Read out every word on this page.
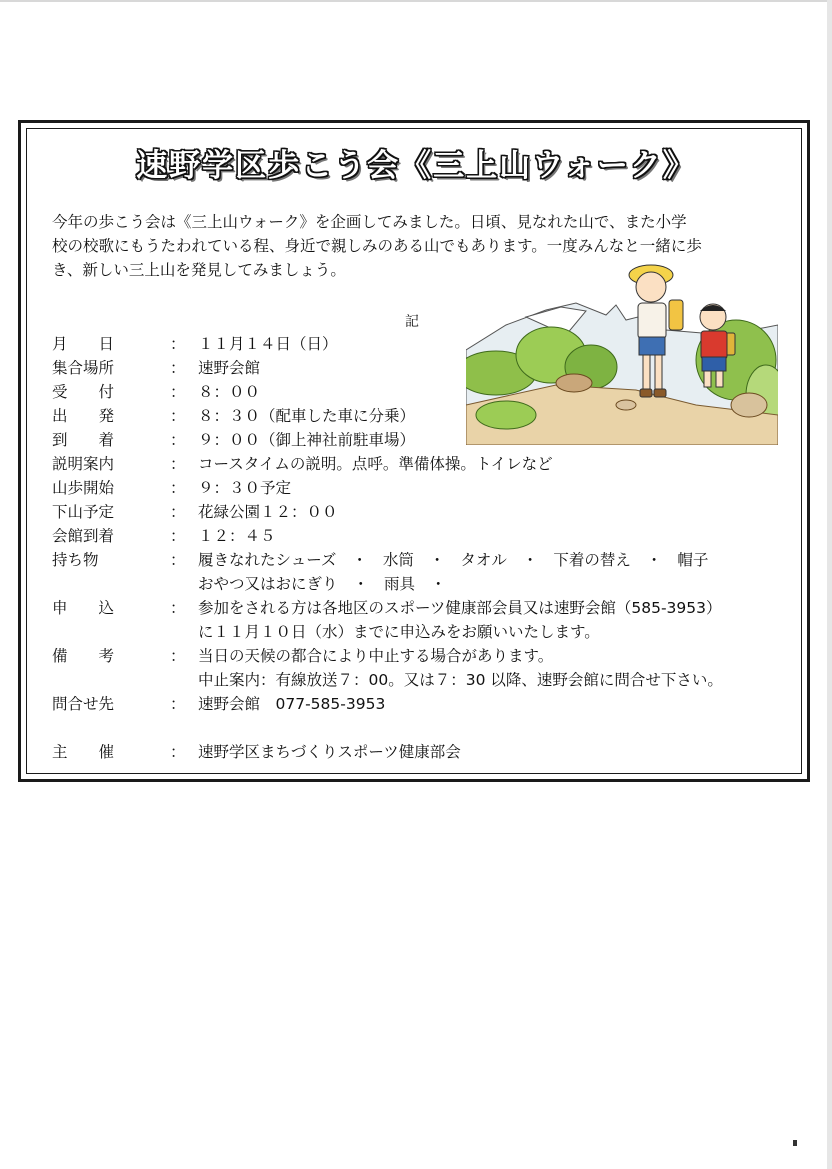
速野学区歩こう会《三上山ウォーク》

今年の歩こう会は《三上山ウォーク》を企画してみました。日頃、見なれた山で、また小学

校の校歌にもうたわれている程、身近で親しみのある山でもあります。一度みんなと一緒に歩

き、新しい三上山を発見してみましょう。

記
月　　日	： １１月１４日（日）
集合場所	： 速野会館
受　　付	： ８：００
出　　発	： ８：３０（配車した車に分乗）
到　　着	： ９：００（御上神社前駐車場）
説明案内	： コースタイムの説明。点呼。準備体操。トイレなど
山歩開始	： ９：３０予定
下山予定	： 花緑公園１２：００
会館到着	： １２：４５
持ち物	： 履きなれたシューズ　・　水筒　・　タオル　・　下着の替え　・　帽子
おやつ又はおにぎり　・　雨具　・
申　　込	： 参加をされる方は各地区のスポーツ健康部会員又は速野会館（585-3953）
に１１月１０日（水）までに申込みをお願いいたします。
備　　考	： 当日の天候の都合により中止する場合があります。
中止案内：有線放送７：00。又は７：30 以降、速野会館に問合せ下さい。
問合せ先	： 速野会館　077-585-3953
主　　催	： 速野学区まちづくりスポーツ健康部会
